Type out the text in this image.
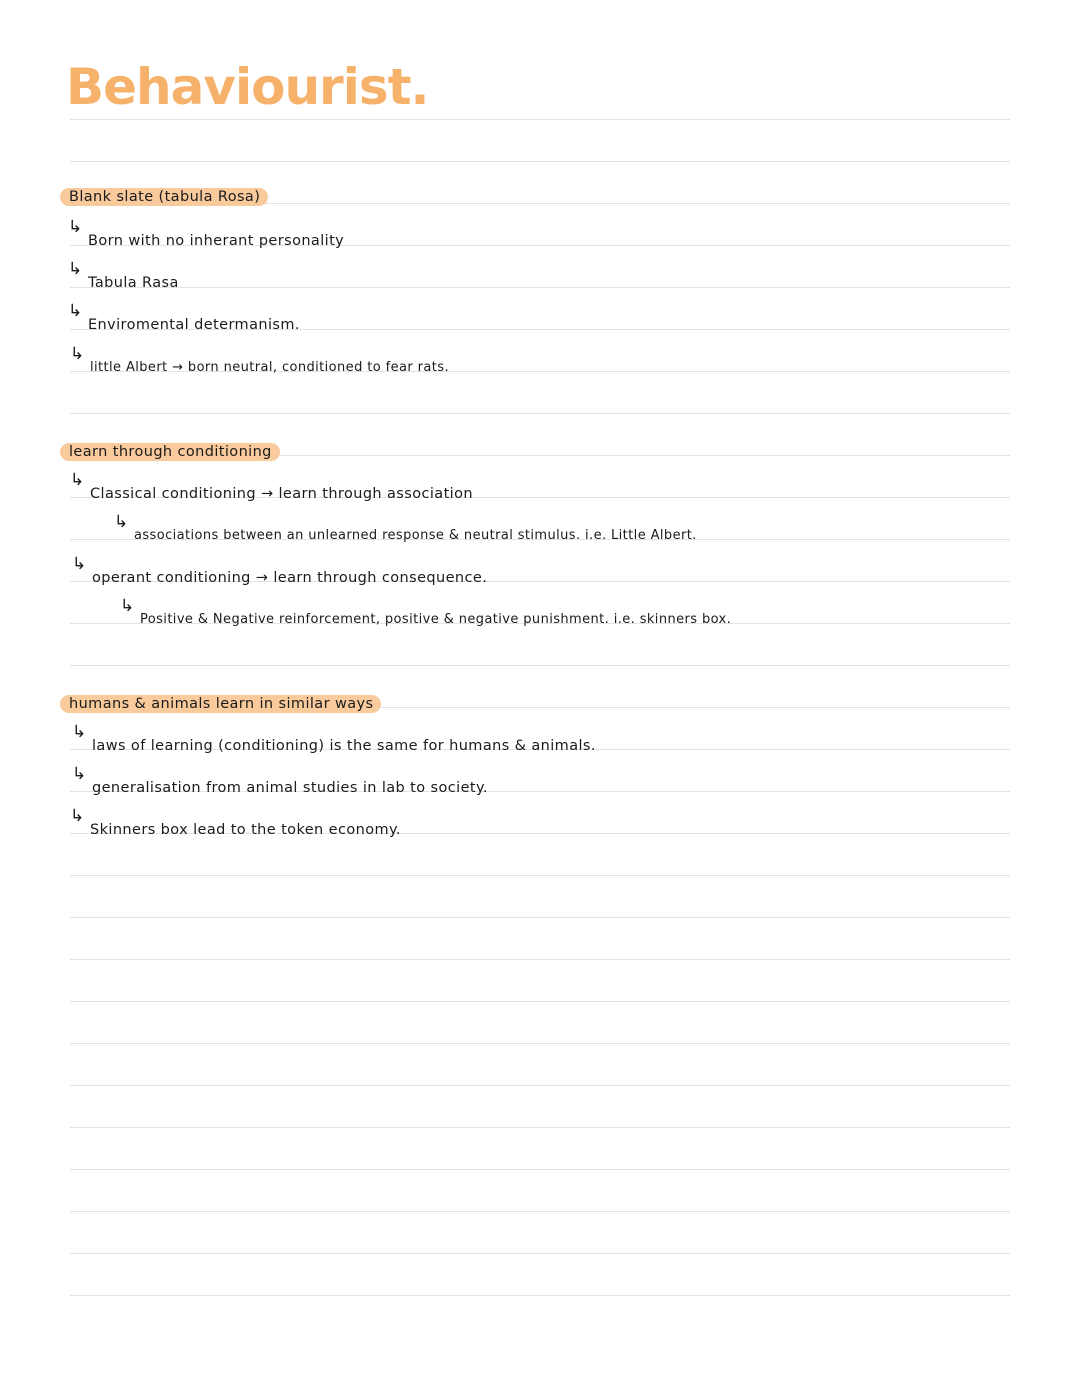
Behaviourist.
Blank slate (tabula Rosa)
↳
Born with no inherant personality
↳
Tabula Rasa
↳
Enviromental determanism.
↳
little Albert → born neutral, conditioned to fear rats.
learn through conditioning
↳
Classical conditioning → learn through association
↳
associations between an unlearned response & neutral stimulus. i.e. Little Albert.
↳
operant conditioning → learn through consequence.
↳
Positive & Negative reinforcement, positive & negative punishment. i.e. skinners box.
humans & animals learn in similar ways
↳
laws of learning (conditioning) is the same for humans & animals.
↳
generalisation from animal studies in lab to society.
↳
Skinners box lead to the token economy.
